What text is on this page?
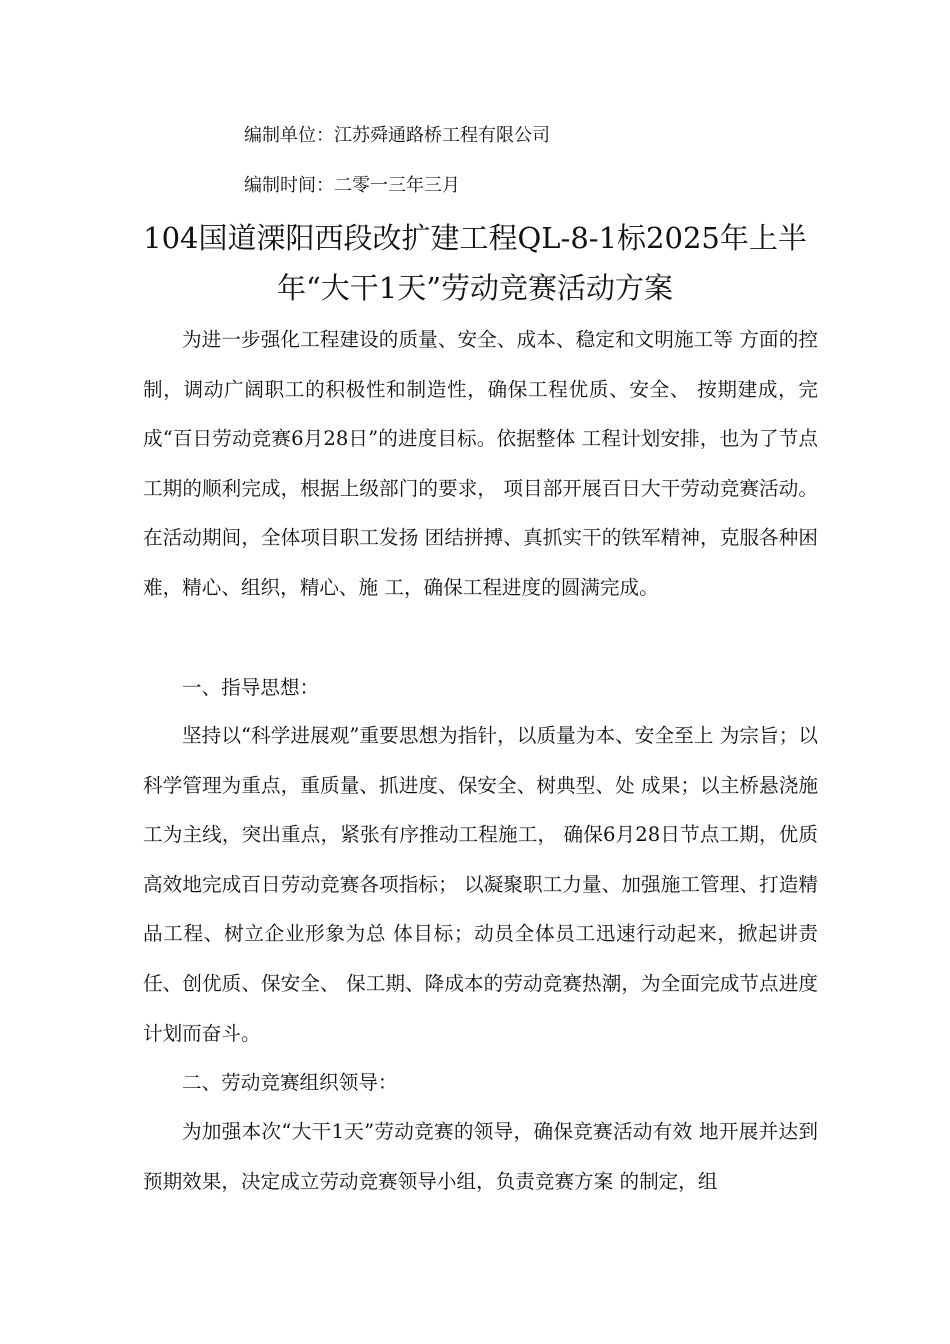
编制单位：江苏舜通路桥工程有限公司
编制时间：二零一三年三月
104国道溧阳西段改扩建工程QL-8-1标2025年上半
年“大干1天”劳动竞赛活动方案

为进一步强化工程建设的质量、安全、成本、稳定和文明施工等 方面的控制，调动广阔职工的积极性和制造性，确保工程优质、安全、 按期建成，完成“百日劳动竞赛6月28日”的进度目标。依据整体 工程计划安排，也为了节点工期的顺利完成，根据上级部门的要求， 项目部开展百日大干劳动竞赛活动。在活动期间，全体项目职工发扬 团结拼搏、真抓实干的铁军精神，克服各种困难，精心、组织，精心、施 工，确保工程进度的圆满完成。

一、指导思想：

坚持以“科学进展观”重要思想为指针，以质量为本、安全至上 为宗旨；以科学管理为重点，重质量、抓进度、保安全、树典型、处 成果；以主桥悬浇施工为主线，突出重点，紧张有序推动工程施工， 确保6月28日节点工期，优质高效地完成百日劳动竞赛各项指标； 以凝聚职工力量、加强施工管理、打造精品工程、树立企业形象为总 体目标；动员全体员工迅速行动起来，掀起讲责任、创优质、保安全、 保工期、降成本的劳动竞赛热潮，为全面完成节点进度计划而奋斗。

二、劳动竞赛组织领导：

为加强本次“大干1天”劳动竞赛的领导，确保竞赛活动有效 地开展并达到预期效果，决定成立劳动竞赛领导小组，负责竞赛方案 的制定，组
